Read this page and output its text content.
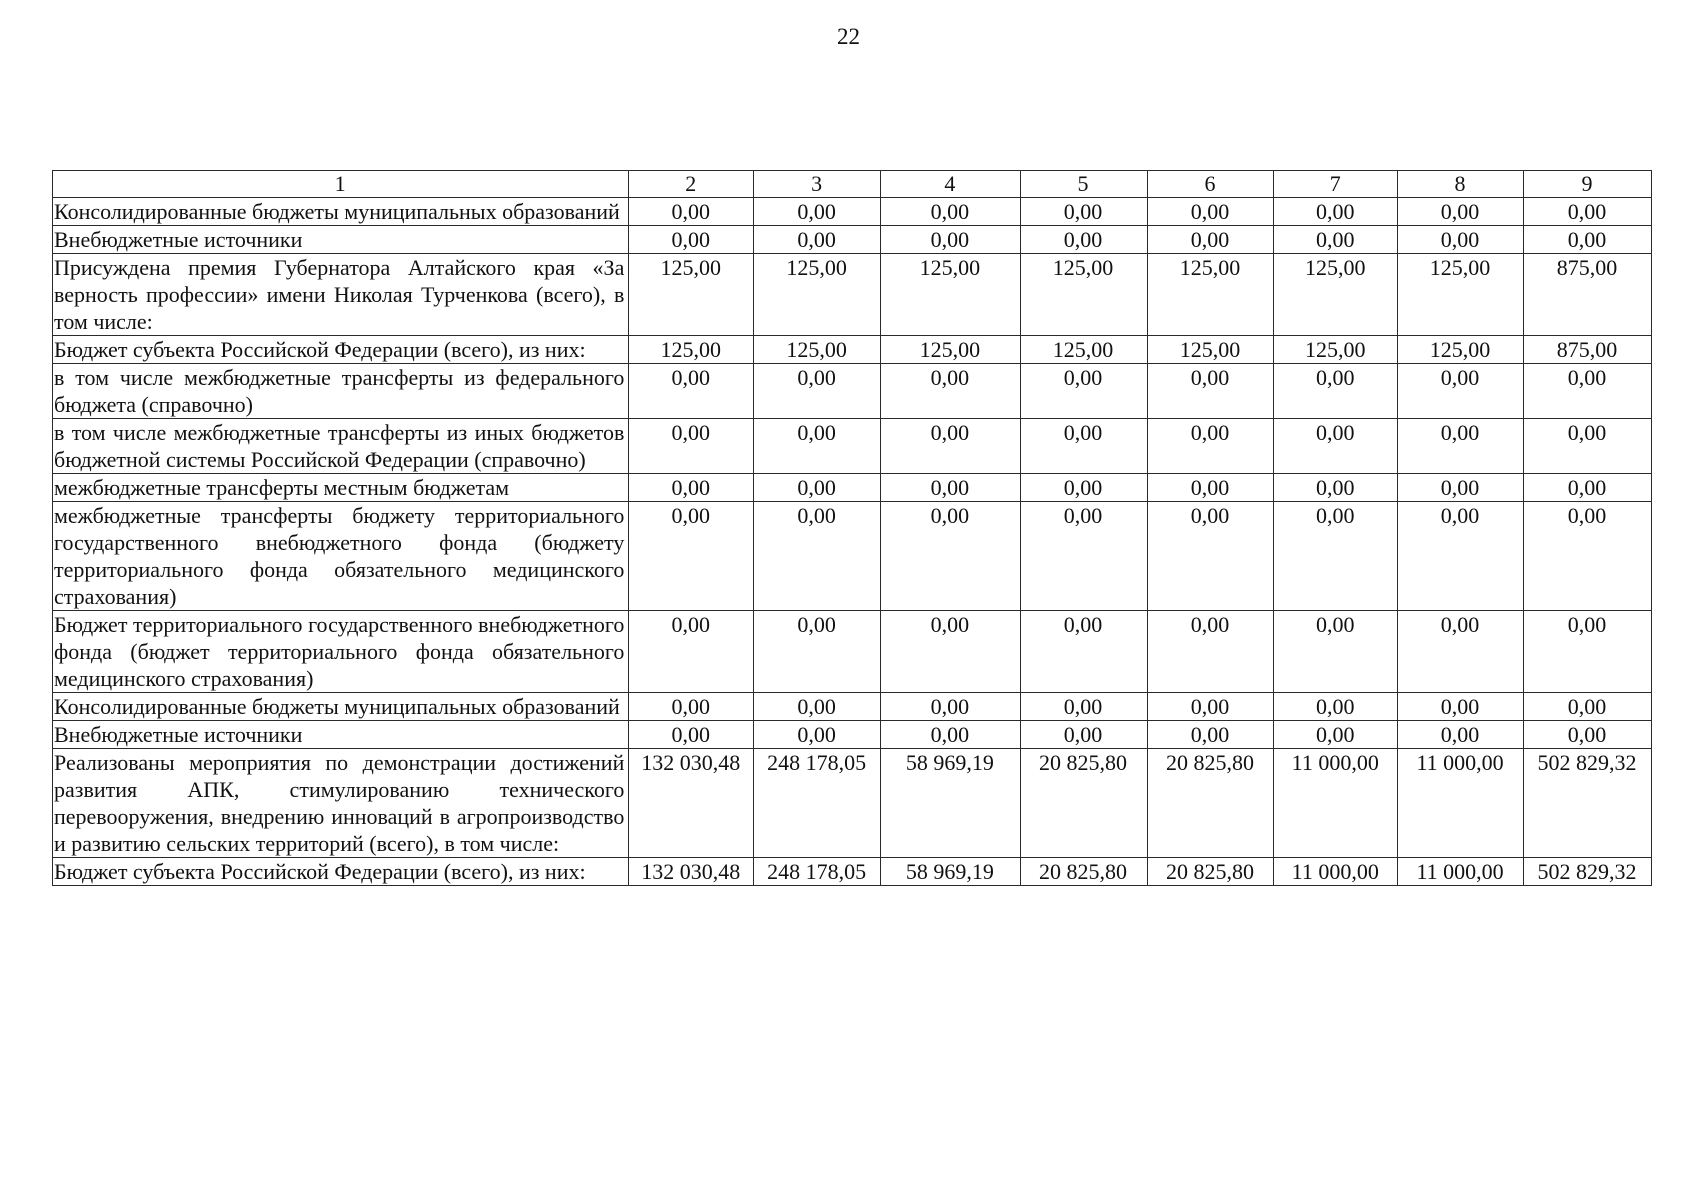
22
1	2	3	4	5	6	7	8	9
Консолидированные бюджеты муниципальных образований	0,00	0,00	0,00	0,00	0,00	0,00	0,00	0,00
Внебюджетные источники	0,00	0,00	0,00	0,00	0,00	0,00	0,00	0,00
Присуждена премия Губернатора Алтайского края «За верность профессии» имени Николая Турченкова (всего), в том числе:	125,00	125,00	125,00	125,00	125,00	125,00	125,00	875,00
Бюджет субъекта Российской Федерации (всего), из них:	125,00	125,00	125,00	125,00	125,00	125,00	125,00	875,00
в том числе межбюджетные трансферты из федерального бюджета (справочно)	0,00	0,00	0,00	0,00	0,00	0,00	0,00	0,00
в том числе межбюджетные трансферты из иных бюджетов бюджетной системы Российской Федерации (справочно)	0,00	0,00	0,00	0,00	0,00	0,00	0,00	0,00
межбюджетные трансферты местным бюджетам	0,00	0,00	0,00	0,00	0,00	0,00	0,00	0,00
межбюджетные трансферты бюджету территориального государственного внебюджетного фонда (бюджету территориального фонда обязательного медицинского страхования)	0,00	0,00	0,00	0,00	0,00	0,00	0,00	0,00
Бюджет территориального государственного внебюджетного фонда (бюджет территориального фонда обязательного медицинского страхования)	0,00	0,00	0,00	0,00	0,00	0,00	0,00	0,00
Консолидированные бюджеты муниципальных образований	0,00	0,00	0,00	0,00	0,00	0,00	0,00	0,00
Внебюджетные источники	0,00	0,00	0,00	0,00	0,00	0,00	0,00	0,00
Реализованы мероприятия по демонстрации достижений развития АПК, стимулированию технического перевооружения, внедрению инноваций в агропроизводство и развитию сельских территорий (всего), в том числе:	132 030,48	248 178,05	58 969,19	20 825,80	20 825,80	11 000,00	11 000,00	502 829,32
Бюджет субъекта Российской Федерации (всего), из них:	132 030,48	248 178,05	58 969,19	20 825,80	20 825,80	11 000,00	11 000,00	502 829,32
